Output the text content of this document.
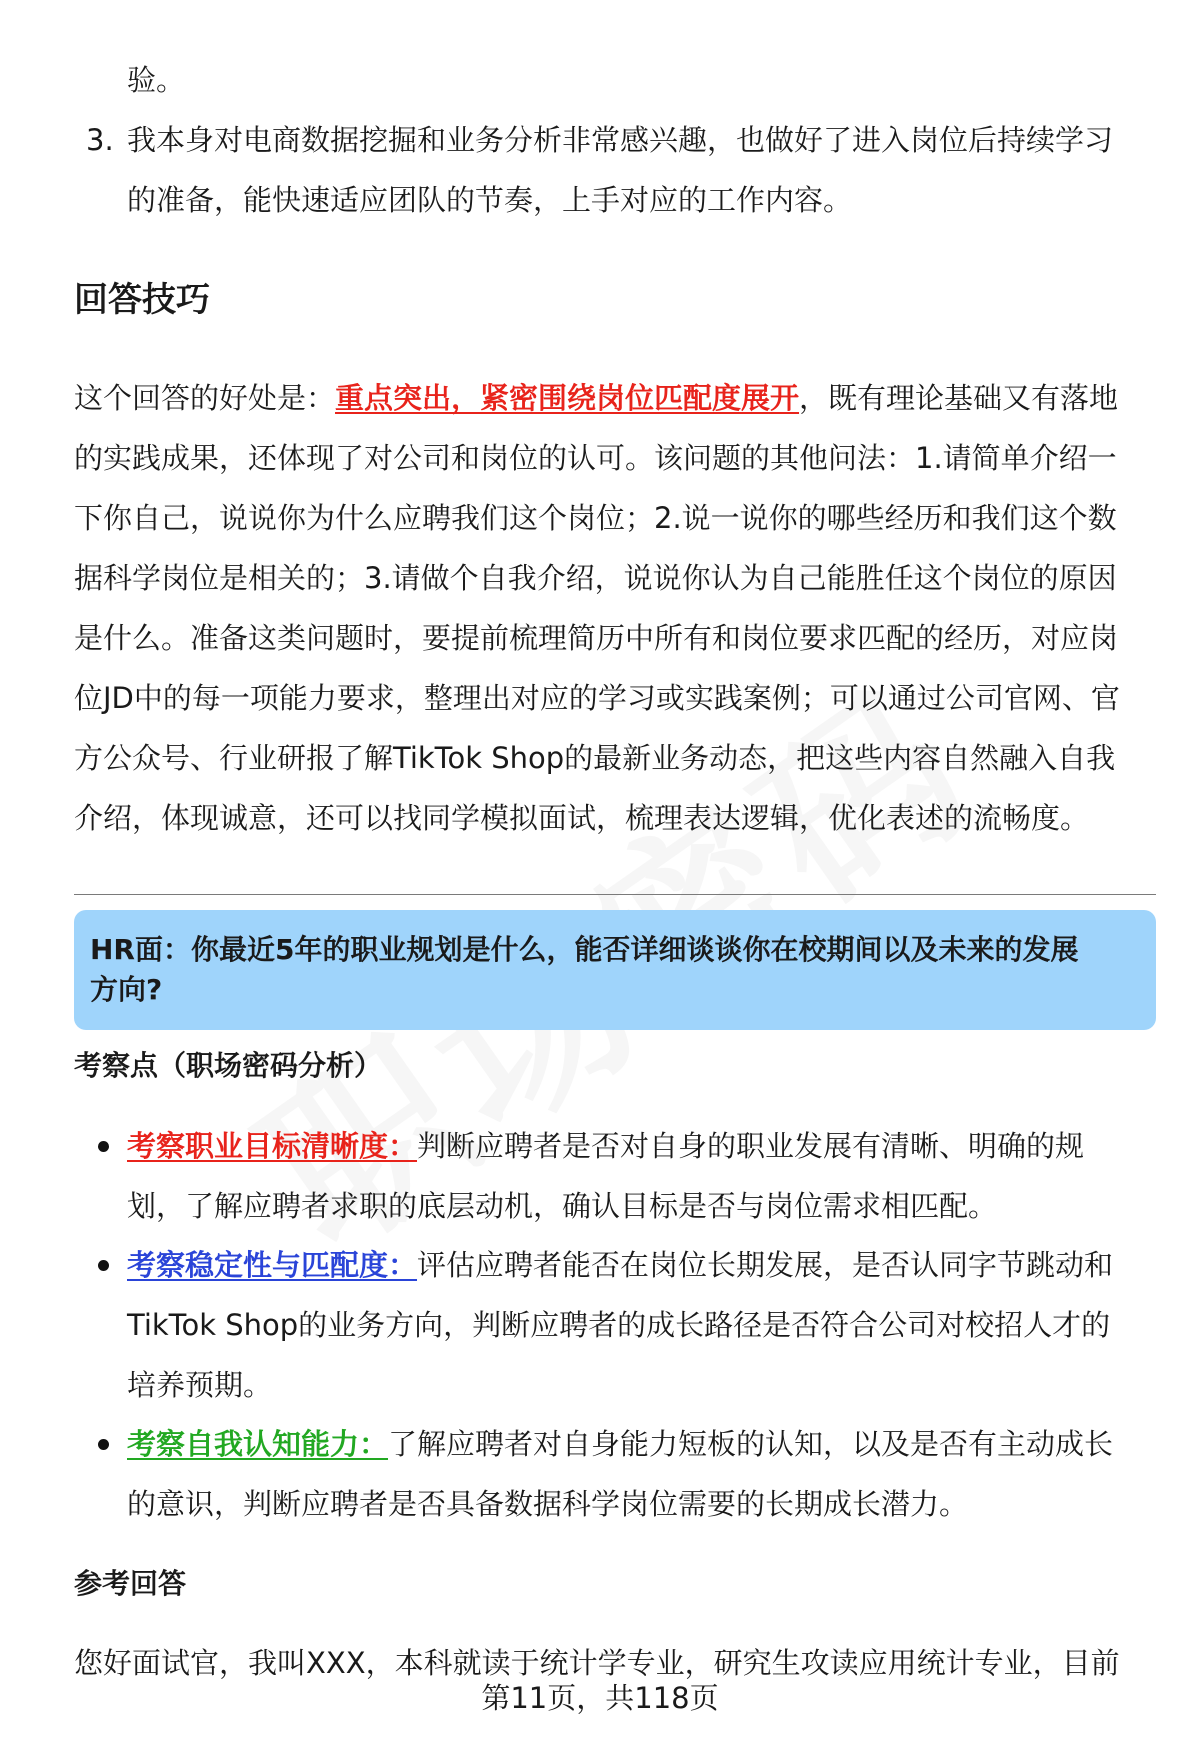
验。
3. 我本身对电商数据挖掘和业务分析非常感兴趣，也做好了进入岗位后持续学习
的准备，能快速适应团队的节奏，上手对应的工作内容。
回答技巧
这个回答的好处是：重点突出，紧密围绕岗位匹配度展开，既有理论基础又有落地
的实践成果，还体现了对公司和岗位的认可。该问题的其他问法：1.请简单介绍一
下你自己，说说你为什么应聘我们这个岗位；2.说一说你的哪些经历和我们这个数
据科学岗位是相关的；3.请做个自我介绍，说说你认为自己能胜任这个岗位的原因
是什么。准备这类问题时，要提前梳理简历中所有和岗位要求匹配的经历，对应岗
位JD中的每一项能力要求，整理出对应的学习或实践案例；可以通过公司官网、官
方公众号、行业研报了解TikTok Shop的最新业务动态，把这些内容自然融入自我
介绍，体现诚意，还可以找同学模拟面试，梳理表达逻辑，优化表述的流畅度。
HR面：你最近5年的职业规划是什么，能否详细谈谈你在校期间以及未来的发展
方向?
考察点（职场密码分析）
考察职业目标清晰度：判断应聘者是否对自身的职业发展有清晰、明确的规
划，了解应聘者求职的底层动机，确认目标是否与岗位需求相匹配。
考察稳定性与匹配度：评估应聘者能否在岗位长期发展，是否认同字节跳动和
TikTok Shop的业务方向，判断应聘者的成长路径是否符合公司对校招人才的
培养预期。
考察自我认知能力：了解应聘者对自身能力短板的认知，以及是否有主动成长
的意识，判断应聘者是否具备数据科学岗位需要的长期成长潜力。
参考回答
您好面试官，我叫XXX，本科就读于统计学专业，研究生攻读应用统计专业，目前
第11页，共118页
